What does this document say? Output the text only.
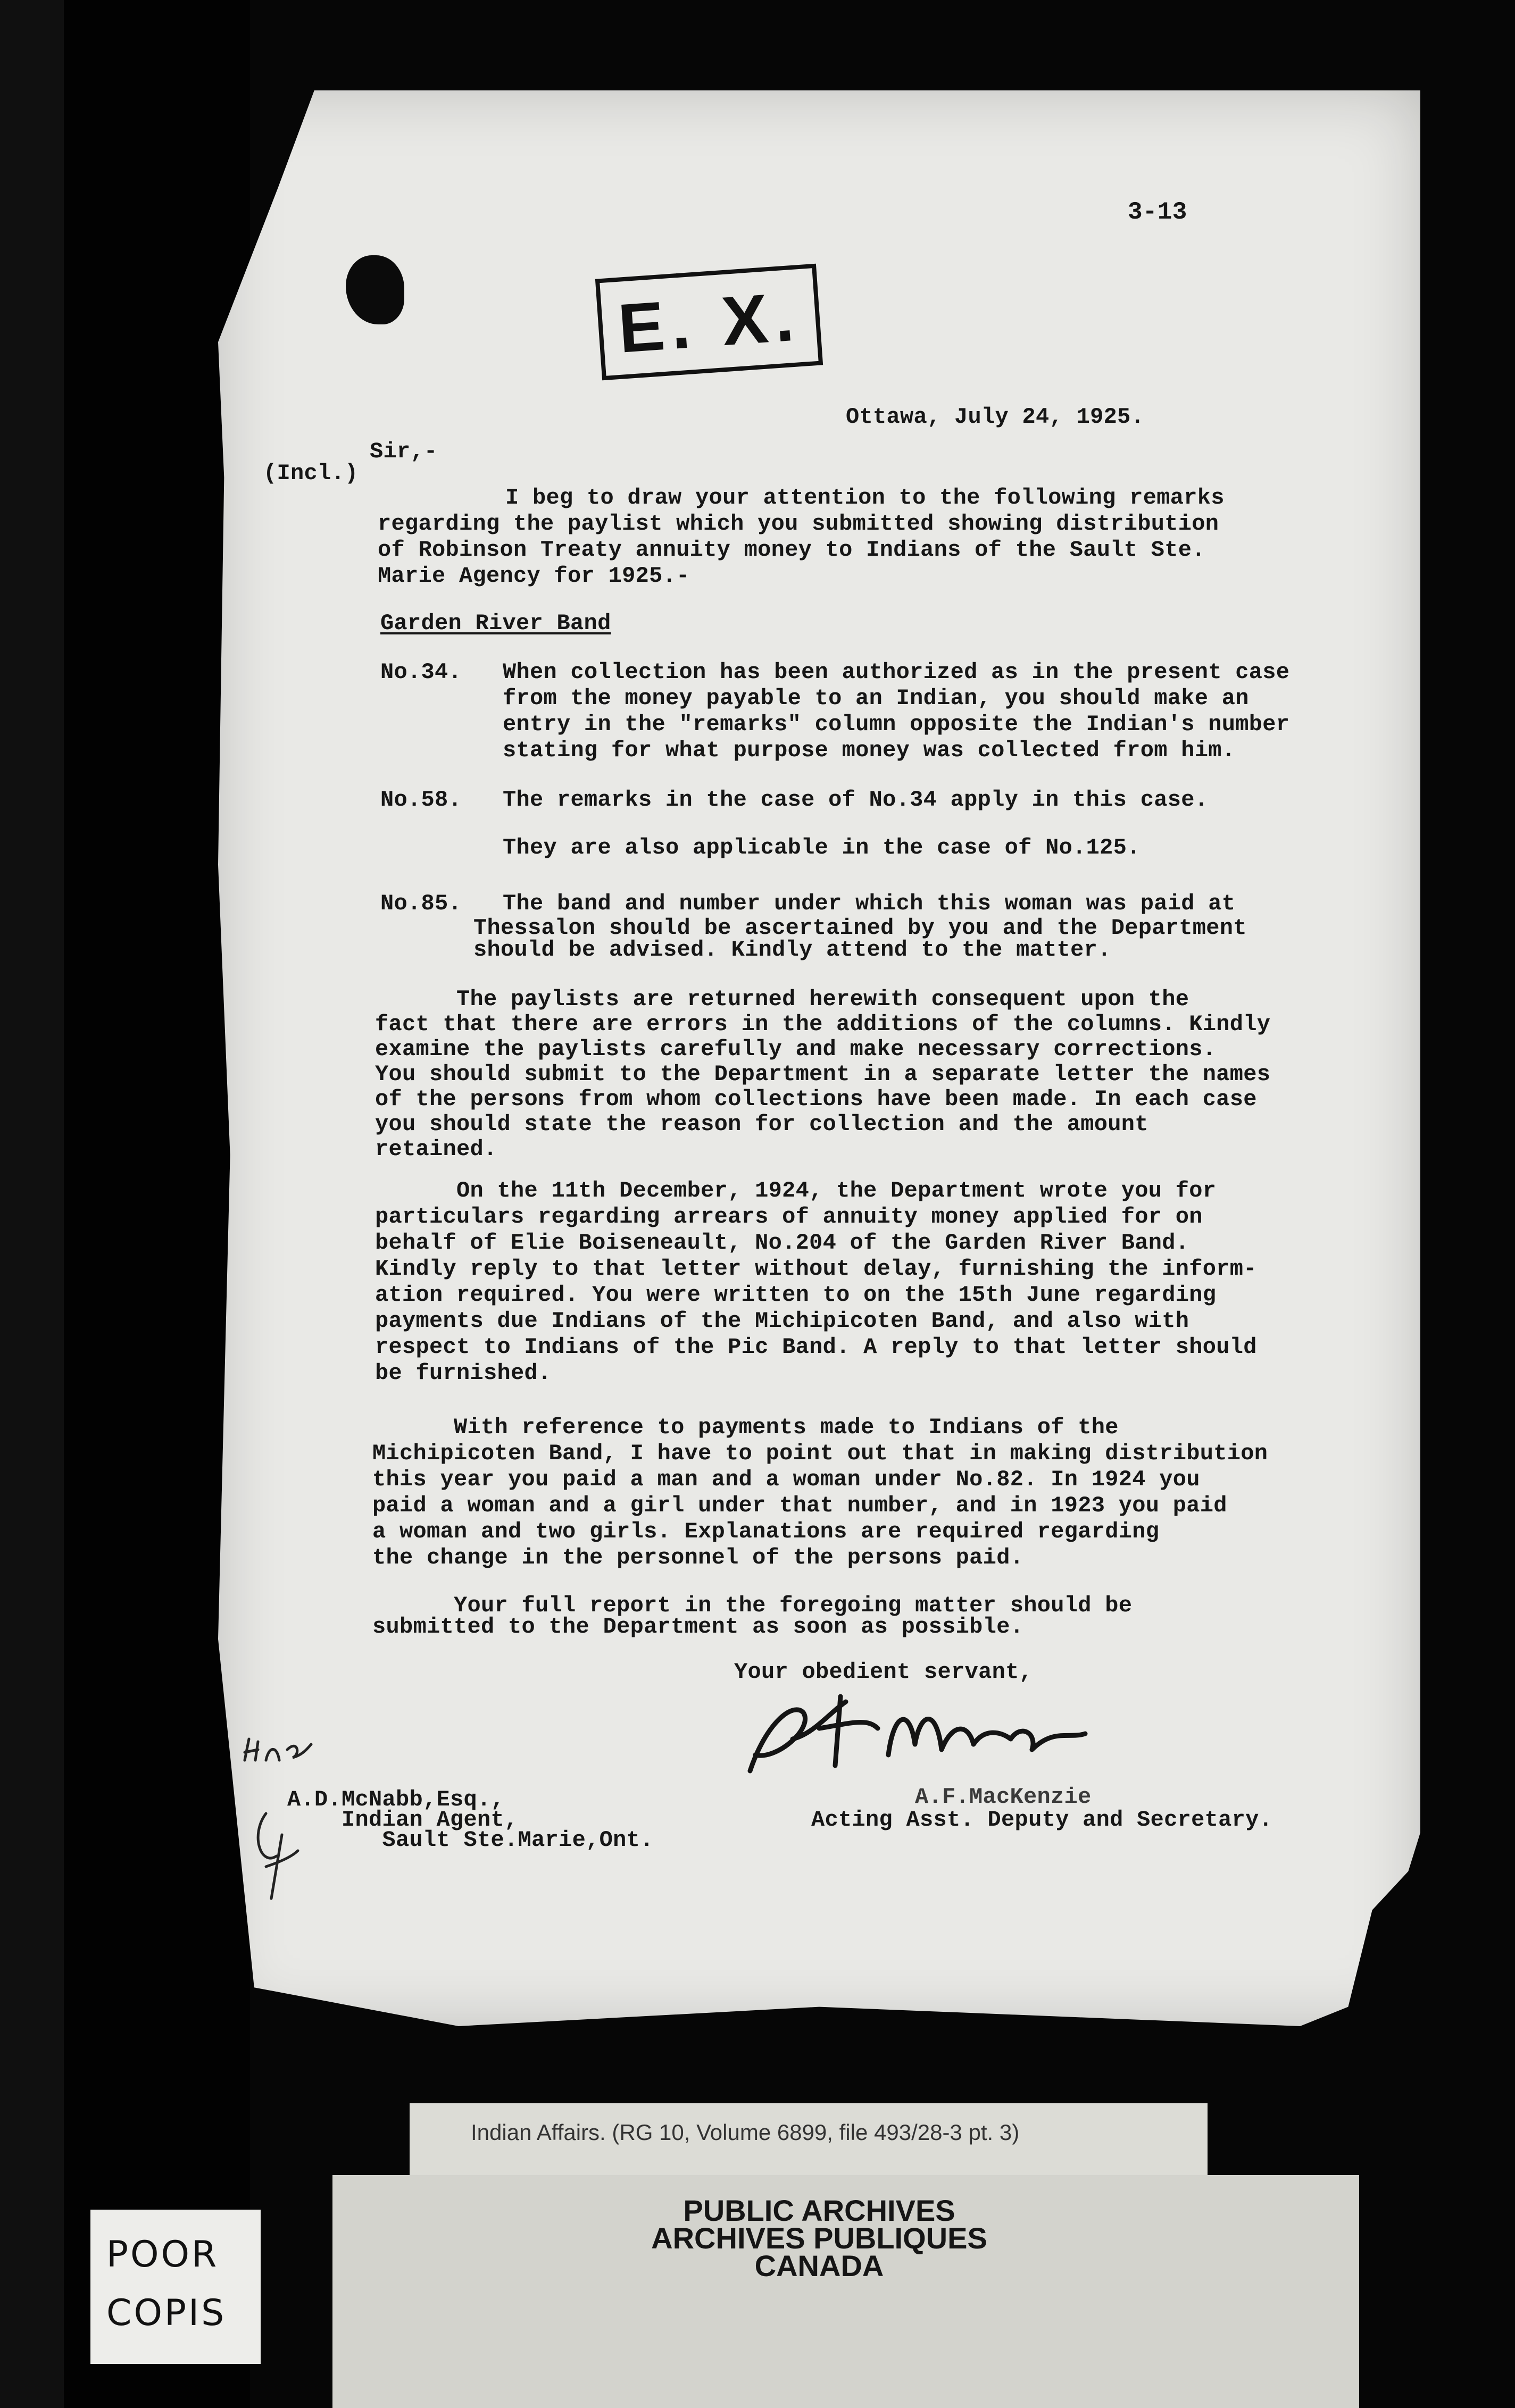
3-13
E. X.
Ottawa, July 24, 1925.
Sir,-
(Incl.)
I beg to draw your attention to the following remarks
regarding the paylist which you submitted showing distribution
of Robinson Treaty annuity money to Indians of the Sault Ste.
Marie Agency for 1925.-
Garden River Band
No.34. When collection has been authorized as in the present case
from the money payable to an Indian, you should make an
entry in the "remarks" column opposite the Indian's number
stating for what purpose money was collected from him.
No.58. The remarks in the case of No.34 apply in this case.
They are also applicable in the case of No.125.
No.85. The band and number under which this woman was paid at
Thessalon should be ascertained by you and the Department
should be advised. Kindly attend to the matter.
The paylists are returned herewith consequent upon the
fact that there are errors in the additions of the columns. Kindly
examine the paylists carefully and make necessary corrections.
You should submit to the Department in a separate letter the names
of the persons from whom collections have been made. In each case
you should state the reason for collection and the amount
retained.
On the 11th December, 1924, the Department wrote you for
particulars regarding arrears of annuity money applied for on
behalf of Elie Boiseneault, No.204 of the Garden River Band.
Kindly reply to that letter without delay, furnishing the inform-
ation required. You were written to on the 15th June regarding
payments due Indians of the Michipicoten Band, and also with
respect to Indians of the Pic Band. A reply to that letter should
be furnished.
With reference to payments made to Indians of the
Michipicoten Band, I have to point out that in making distribution
this year you paid a man and a woman under No.82. In 1924 you
paid a woman and a girl under that number, and in 1923 you paid
a woman and two girls. Explanations are required regarding
the change in the personnel of the persons paid.
Your full report in the foregoing matter should be
submitted to the Department as soon as possible.
Your obedient servant,
A.F.MacKenzie
Acting Asst. Deputy and Secretary.
A.D.McNabb,Esq.,
Indian Agent,
Sault Ste.Marie,Ont.
Indian Affairs. (RG 10, Volume 6899, file 493/28-3 pt. 3)
PUBLIC ARCHIVES
ARCHIVES PUBLIQUES
CANADA
POOR
COPIS
